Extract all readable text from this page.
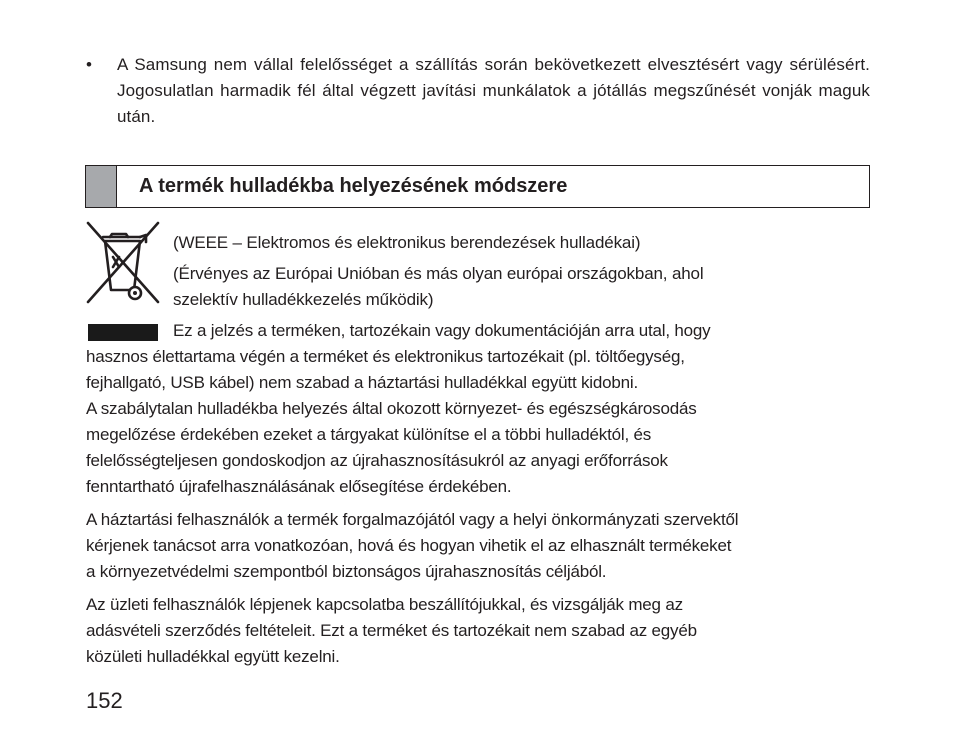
•	A Samsung nem vállal felelősséget a szállítás során bekövetkezett elvesztésért vagy sérülésért. Jogosulatlan harmadik fél által végzett javítási munkálatok a jótállás megszűnését vonják maguk után.
A termék hulladékba helyezésének módszere
(WEEE – Elektromos és elektronikus berendezések hulladékai)
(Érvényes az Európai Unióban és más olyan európai országokban, ahol
szelektív hulladékkezelés működik)
Ez a jelzés a terméken, tartozékain vagy dokumentációján arra utal, hogy
hasznos élettartama végén a terméket és elektronikus tartozékait (pl. töltőegység,
fejhallgató, USB kábel) nem szabad a háztartási hulladékkal együtt kidobni.
A szabálytalan hulladékba helyezés által okozott környezet- és egészségkárosodás
megelőzése érdekében ezeket a tárgyakat különítse el a többi hulladéktól, és
felelősségteljesen gondoskodjon az újrahasznosításukról az anyagi erőforrások
fenntartható újrafelhasználásának elősegítése érdekében.
A háztartási felhasználók a termék forgalmazójától vagy a helyi önkormányzati szervektől
kérjenek tanácsot arra vonatkozóan, hová és hogyan vihetik el az elhasznált termékeket
a környezetvédelmi szempontból biztonságos újrahasznosítás céljából.
Az üzleti felhasználók lépjenek kapcsolatba beszállítójukkal, és vizsgálják meg az
adásvételi szerződés feltételeit. Ezt a terméket és tartozékait nem szabad az egyéb
közületi hulladékkal együtt kezelni.
152
